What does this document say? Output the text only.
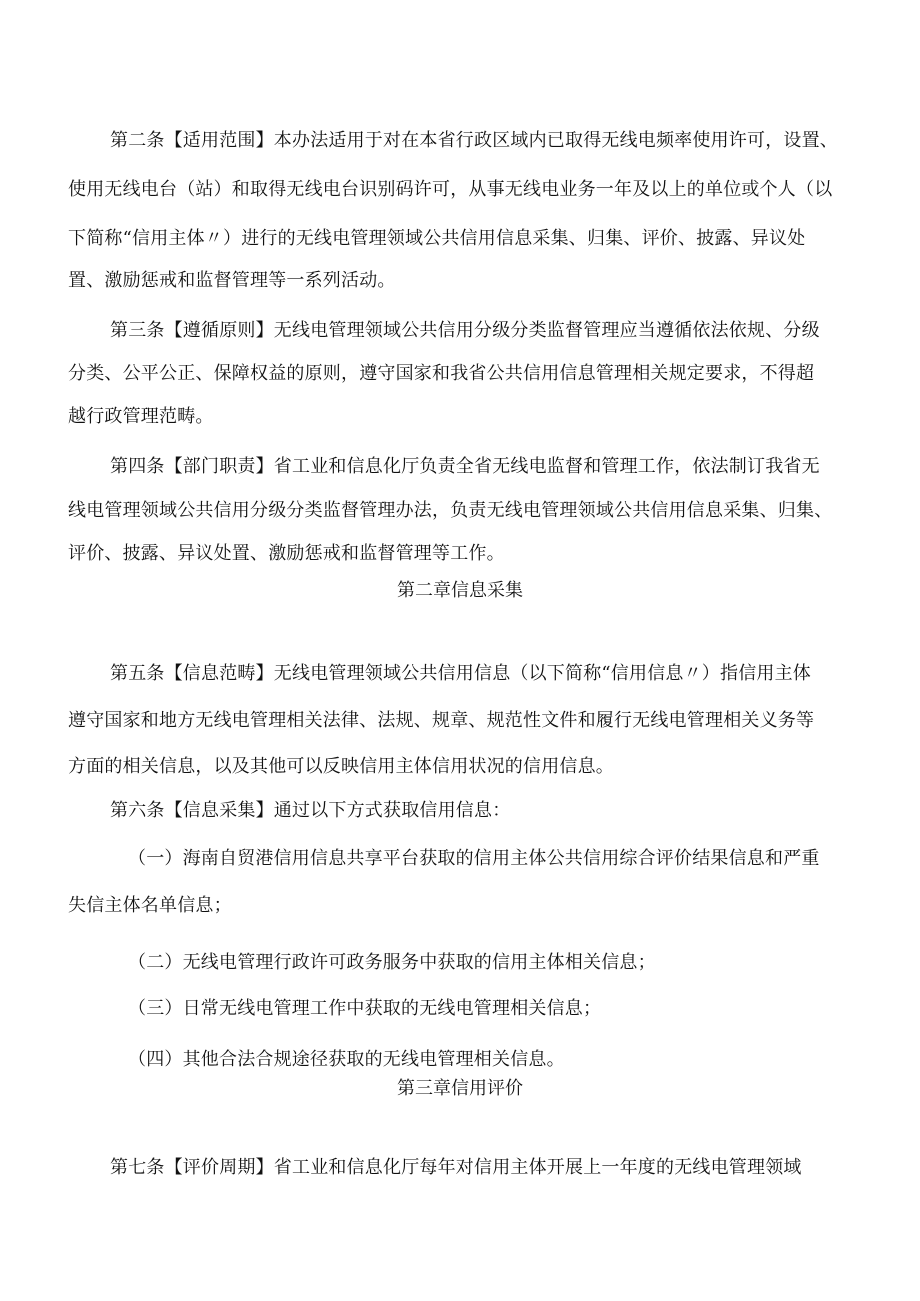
第二条【适用范围】本办法适用于对在本省行政区域内已取得无线电频率使用许可，设置、
使用无线电台（站）和取得无线电台识别码许可，从事无线电业务一年及以上的单位或个人（以
下简称“信用主体〃）进行的无线电管理领域公共信用信息采集、归集、评价、披露、异议处
置、激励惩戒和监督管理等一系列活动。
第三条【遵循原则】无线电管理领域公共信用分级分类监督管理应当遵循依法依规、分级
分类、公平公正、保障权益的原则，遵守国家和我省公共信用信息管理相关规定要求，不得超
越行政管理范畴。
第四条【部门职责】省工业和信息化厅负责全省无线电监督和管理工作，依法制订我省无
线电管理领域公共信用分级分类监督管理办法，负责无线电管理领域公共信用信息采集、归集、
评价、披露、异议处置、激励惩戒和监督管理等工作。
第二章信息采集
第五条【信息范畴】无线电管理领域公共信用信息（以下简称“信用信息〃）指信用主体
遵守国家和地方无线电管理相关法律、法规、规章、规范性文件和履行无线电管理相关义务等
方面的相关信息，以及其他可以反映信用主体信用状况的信用信息。
第六条【信息采集】通过以下方式获取信用信息：
（一）海南自贸港信用信息共享平台获取的信用主体公共信用综合评价结果信息和严重
失信主体名单信息；
（二）无线电管理行政许可政务服务中获取的信用主体相关信息；
（三）日常无线电管理工作中获取的无线电管理相关信息；
（四）其他合法合规途径获取的无线电管理相关信息。
第三章信用评价
第七条【评价周期】省工业和信息化厅每年对信用主体开展上一年度的无线电管理领域
